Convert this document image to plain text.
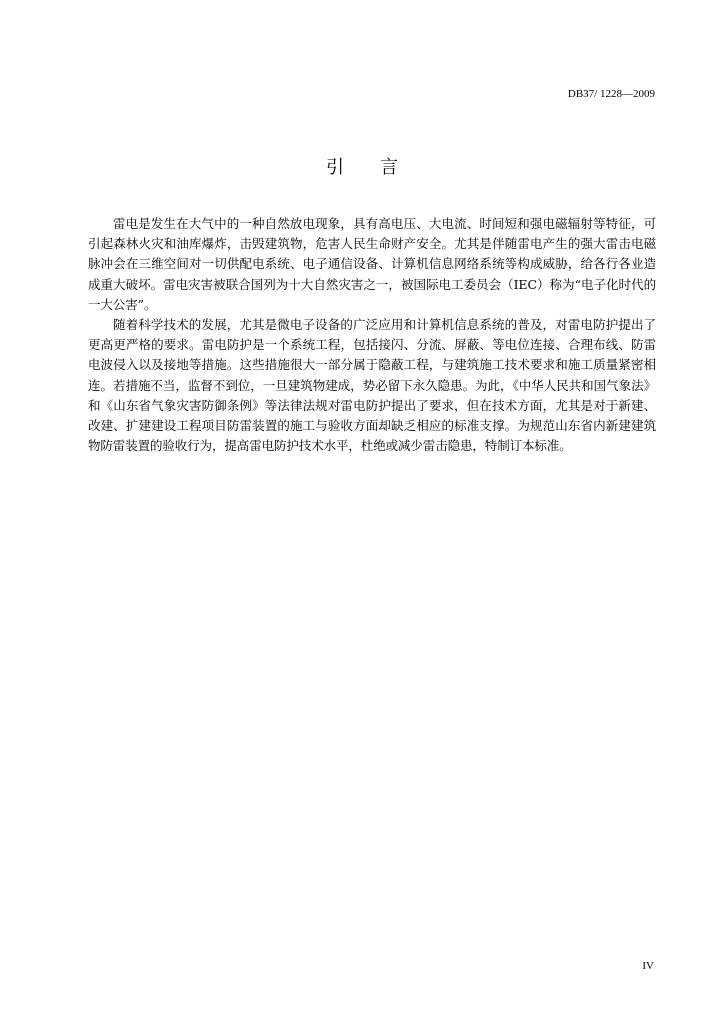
DB37/ 1228—2009
引言

雷电是发生在大气中的一种自然放电现象，具有高电压、大电流、时间短和强电磁辐射等特征，可引起森林火灾和油库爆炸，击毁建筑物，危害人民生命财产安全。尤其是伴随雷电产生的强大雷击电磁脉冲会在三维空间对一切供配电系统、电子通信设备、计算机信息网络系统等构成威胁，给各行各业造成重大破坏。雷电灾害被联合国列为十大自然灾害之一，被国际电工委员会（IEC）称为“电子化时代的一大公害”。

随着科学技术的发展，尤其是微电子设备的广泛应用和计算机信息系统的普及，对雷电防护提出了更高更严格的要求。雷电防护是一个系统工程，包括接闪、分流、屏蔽、等电位连接、合理布线、防雷电波侵入以及接地等措施。这些措施很大一部分属于隐蔽工程，与建筑施工技术要求和施工质量紧密相连。若措施不当，监督不到位，一旦建筑物建成，势必留下永久隐患。为此，《中华人民共和国气象法》和《山东省气象灾害防御条例》等法律法规对雷电防护提出了要求，但在技术方面，尤其是对于新建、改建、扩建建设工程项目防雷装置的施工与验收方面却缺乏相应的标准支撑。为规范山东省内新建建筑物防雷装置的验收行为，提高雷电防护技术水平，杜绝或减少雷击隐患，特制订本标准。

IV
